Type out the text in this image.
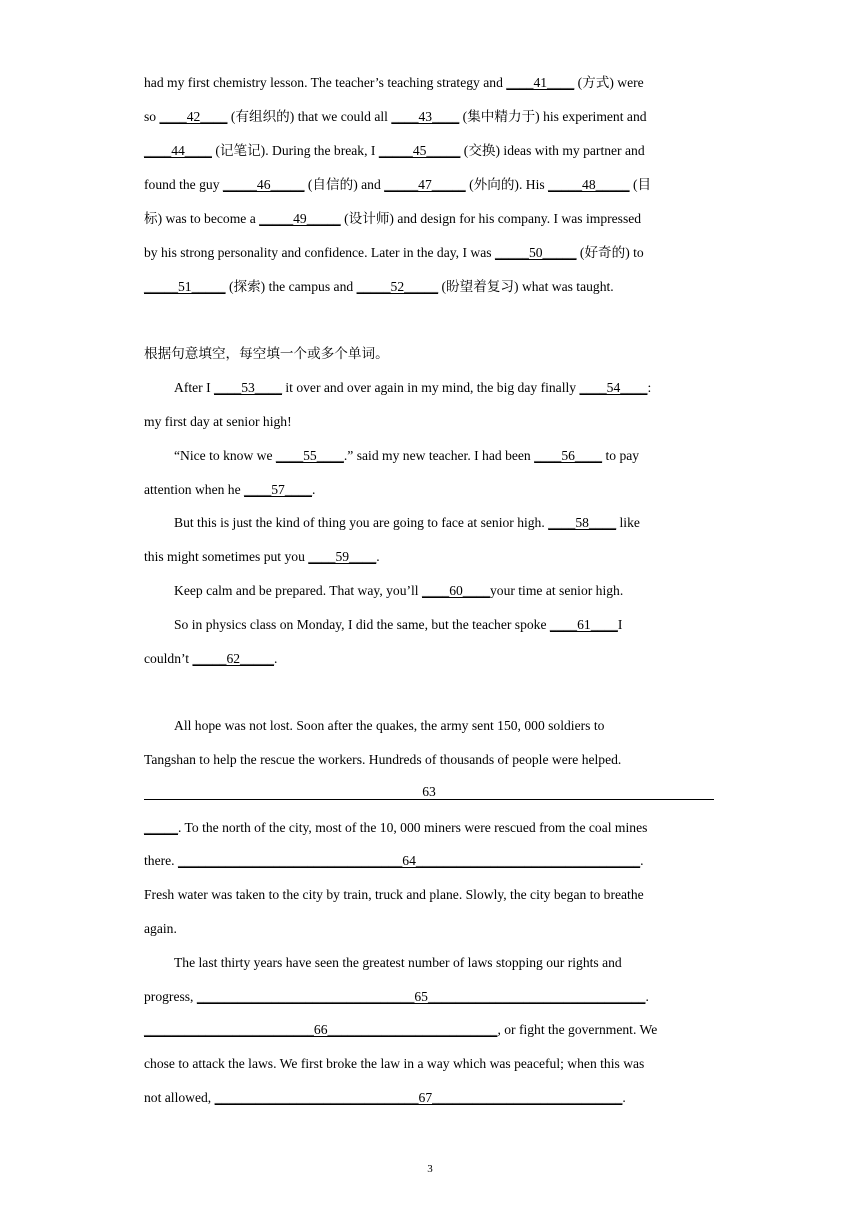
had my first chemistry lesson. The teacher’s teaching strategy and ____41____ (方式) were
so ____42____ (有组织的) that we could all ____43____ (集中精力于) his experiment and
____44____ (记笔记). During the break, I _____45_____ (交换) ideas with my partner and
found the guy _____46_____ (自信的) and _____47_____ (外向的). His _____48_____ (目
标) was to become a _____49_____ (设计师) and design for his company. I was impressed
by his strong personality and confidence. Later in the day, I was _____50_____ (好奇的) to
_____51_____ (探索) the campus and _____52_____ (盼望着复习) what was taught.
根据句意填空，每空填一个或多个单词。
After I ____53____ it over and over again in my mind, the big day finally ____54____:
my first day at senior high!
“Nice to know we ____55____.” said my new teacher. I had been ____56____ to pay
attention when he ____57____.
But this is just the kind of thing you are going to face at senior high. ____58____ like
this might sometimes put you ____59____.
Keep calm and be prepared. That way, you’ll ____60____your time at senior high.
So in physics class on Monday, I did the same, but the teacher spoke ____61____I
couldn’t _____62_____.
All hope was not lost. Soon after the quakes, the army sent 150, 000 soldiers to
Tangshan to help the rescue the workers. Hundreds of thousands of people were helped.
63
_____. To the north of the city, most of the 10, 000 miners were rescued from the coal mines
there. _________________________________64_________________________________.
Fresh water was taken to the city by train, truck and plane. Slowly, the city began to breathe
again.
The last thirty years have seen the greatest number of laws stopping our rights and
progress, ________________________________65________________________________.
_________________________66_________________________, or fight the government. We
chose to attack the laws. We first broke the law in a way which was peaceful; when this was
not allowed, ______________________________67____________________________.
3
